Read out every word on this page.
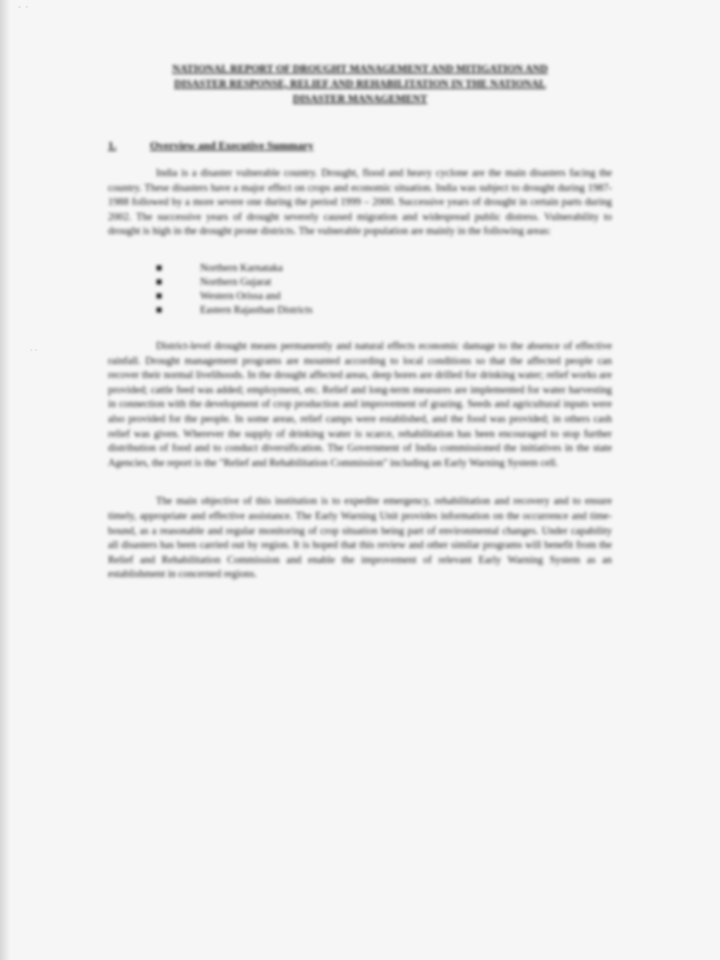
· ·
· ·
NATIONAL REPORT OF DROUGHT MANAGEMENT AND MITIGATION AND DISASTER RESPONSE, RELIEF AND REHABILITATION IN THE NATIONAL DISASTER MANAGEMENT
1.	Overview and Executive Summary

India is a disaster vulnerable country. Drought, flood and heavy cyclone are the main disasters facing the country. These disasters have a major effect on crops and economic situation. India was subject to drought during 1987-1988 followed by a more severe one during the period 1999 – 2000. Successive years of drought in certain parts during 2002. The successive years of drought severely caused migration and widespread public distress. Vulnerability to drought is high in the drought prone districts. The vulnerable population are mainly in the following areas:

■	Northern Karnataka
■	Northern Gujarat
■	Western Orissa and
■	Eastern Rajasthan Districts

District-level drought means permanently and natural effects economic damage to the absence of effective rainfall. Drought management programs are mounted according to local conditions so that the affected people can recover their normal livelihoods. In the drought affected areas, deep bores are drilled for drinking water; relief works are provided; cattle feed was added; employment, etc. Relief and long-term measures are implemented for water harvesting in connection with the development of crop production and improvement of grazing. Seeds and agricultural inputs were also provided for the people. In some areas, relief camps were established, and the food was provided; in others cash relief was given. Wherever the supply of drinking water is scarce, rehabilitation has been encouraged to stop further distribution of food and to conduct diversification. The Government of India commissioned the initiatives in the state Agencies, the report is the "Relief and Rehabilitation Commission" including an Early Warning System cell.

The main objective of this institution is to expedite emergency, rehabilitation and recovery and to ensure timely, appropriate and effective assistance. The Early Warning Unit provides information on the occurrence and time-bound, as a reasonable and regular monitoring of crop situation being part of environmental changes. Under capability all disasters has been carried out by region. It is hoped that this review and other similar programs will benefit from the Relief and Rehabilitation Commission and enable the improvement of relevant Early Warning System as an establishment in concerned regions.
